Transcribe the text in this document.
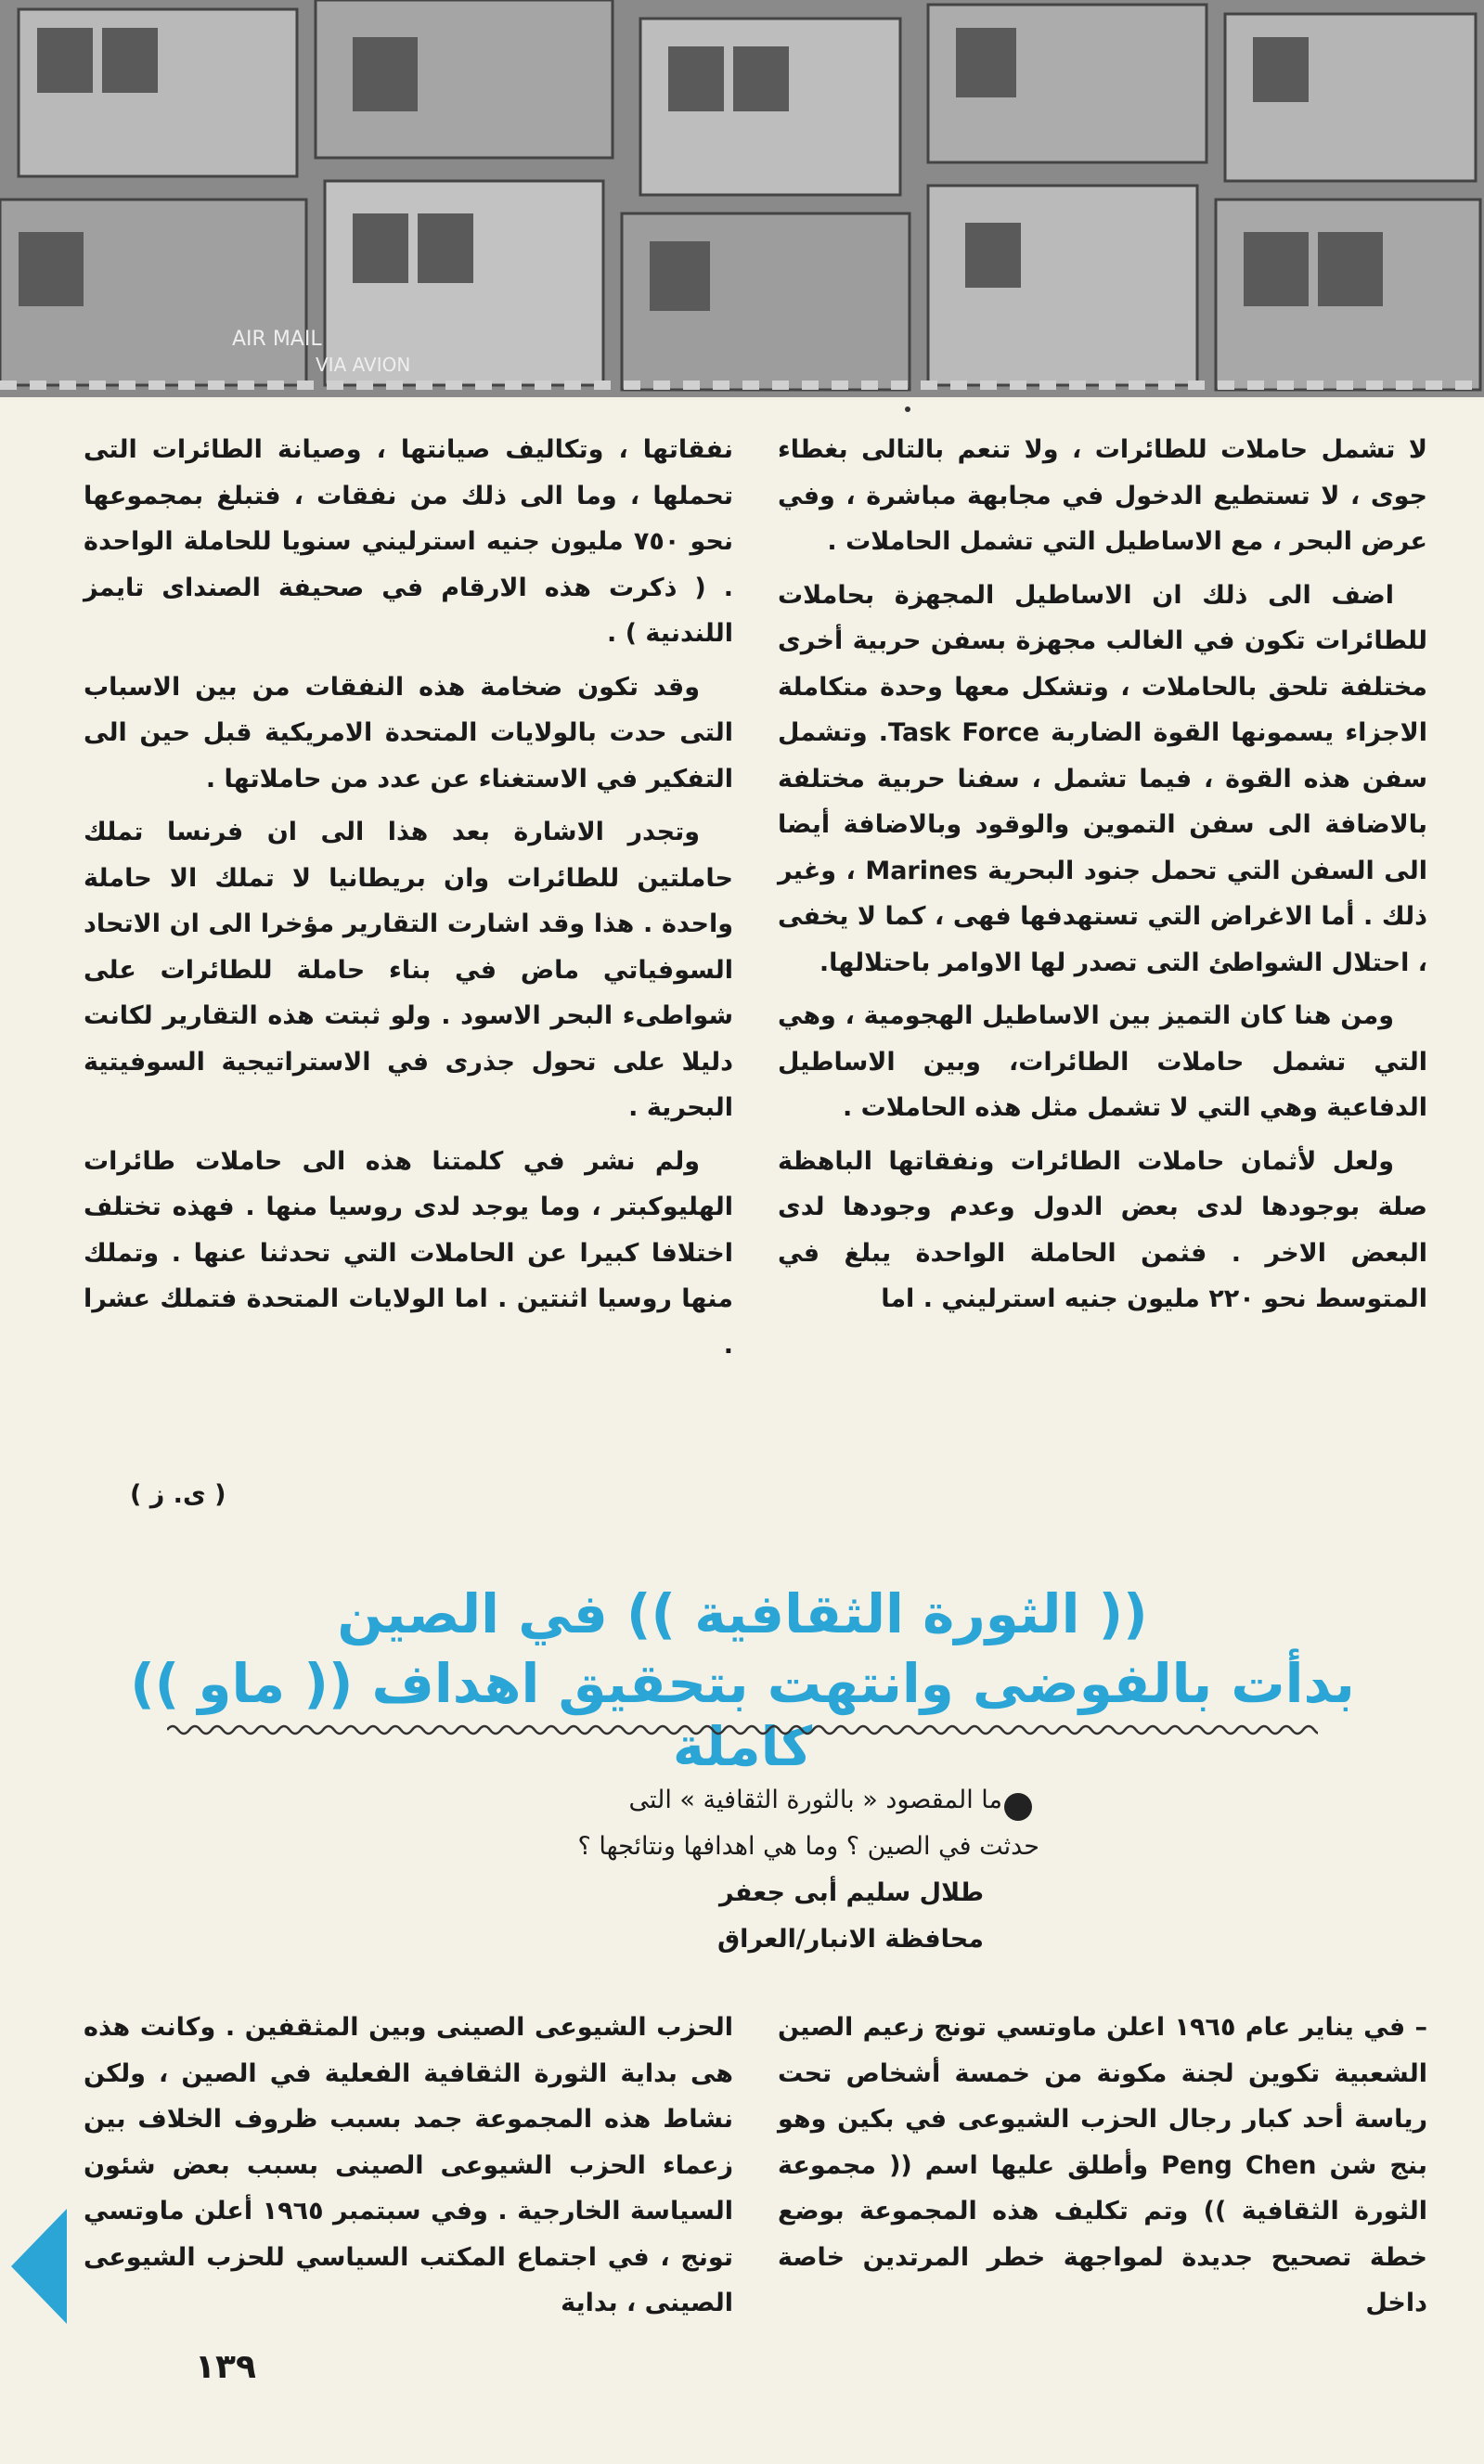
AIR MAIL
VIA AVION

لا تشمل حاملات للطائرات ، ولا تنعم بالتالى بغطاء جوى ، لا تستطيع الدخول في مجابهة مباشرة ، وفي عرض البحر ، مع الاساطيل التي تشمل الحاملات .

اضف الى ذلك ان الاساطيل المجهزة بحاملات للطائرات تكون في الغالب مجهزة بسفن حربية أخرى مختلفة تلحق بالحاملات ، وتشكل معها وحدة متكاملة الاجزاء يسمونها القوة الضاربة Task Force. وتشمل سفن هذه القوة ، فيما تشمل ، سفنا حربية مختلفة بالاضافة الى سفن التموين والوقود وبالاضافة أيضا الى السفن التي تحمل جنود البحرية Marines ، وغير ذلك . أما الاغراض التي تستهدفها فهى ، كما لا يخفى ، احتلال الشواطئ التى تصدر لها الاوامر باحتلالها.

ومن هنا كان التميز بين الاساطيل الهجومية ، وهي التي تشمل حاملات الطائرات، وبين الاساطيل الدفاعية وهي التي لا تشمل مثل هذه الحاملات .

ولعل لأثمان حاملات الطائرات ونفقاتها الباهظة صلة بوجودها لدى بعض الدول وعدم وجودها لدى البعض الاخر . فثمن الحاملة الواحدة يبلغ في المتوسط نحو ٢٢٠ مليون جنيه استرليني . اما

نفقاتها ، وتكاليف صيانتها ، وصيانة الطائرات التى تحملها ، وما الى ذلك من نفقات ، فتبلغ بمجموعها نحو ٧٥٠ مليون جنيه استرليني سنويا للحاملة الواحدة . ( ذكرت هذه الارقام في صحيفة الصنداى تايمز اللندنية ) .

وقد تكون ضخامة هذه النفقات من بين الاسباب التى حدت بالولايات المتحدة الامريكية قبل حين الى التفكير في الاستغناء عن عدد من حاملاتها .

وتجدر الاشارة بعد هذا الى ان فرنسا تملك حاملتين للطائرات وان بريطانيا لا تملك الا حاملة واحدة . هذا وقد اشارت التقارير مؤخرا الى ان الاتحاد السوفياتي ماض في بناء حاملة للطائرات على شواطىء البحر الاسود . ولو ثبتت هذه التقارير لكانت دليلا على تحول جذرى في الاستراتيجية السوفيتية البحرية .

ولم نشر في كلمتنا هذه الى حاملات طائرات الهليوكبتر ، وما يوجد لدى روسيا منها . فهذه تختلف اختلافا كبيرا عن الحاملات التي تحدثنا عنها . وتملك منها روسيا اثنتين . اما الولايات المتحدة فتملك عشرا .

( ى. ز )
(( الثورة الثقافية )) في الصين
بدأت بالفوضى وانتهت بتحقيق اهداف (( ماو )) كاملة
ما المقصود « بالثورة الثقافية » التى
حدثت في الصين ؟ وما هي اهدافها ونتائجها ؟
طلال سليم أبى جعفر
محافظة الانبار/العراق

– في يناير عام ١٩٦٥ اعلن ماوتسي تونج زعيم الصين الشعبية تكوين لجنة مكونة من خمسة أشخاص تحت رياسة أحد كبار رجال الحزب الشيوعى في بكين وهو بنج شن Peng Chen وأطلق عليها اسم (( مجموعة الثورة الثقافية )) وتم تكليف هذه المجموعة بوضع خطة تصحيح جديدة لمواجهة خطر المرتدين خاصة داخل

الحزب الشيوعى الصينى وبين المثقفين . وكانت هذه هى بداية الثورة الثقافية الفعلية في الصين ، ولكن نشاط هذه المجموعة جمد بسبب ظروف الخلاف بين زعماء الحزب الشيوعى الصينى بسبب بعض شئون السياسة الخارجية . وفي سبتمبر ١٩٦٥ أعلن ماوتسي تونج ، في اجتماع المكتب السياسي للحزب الشيوعى الصينى ، بداية

١٣٩
